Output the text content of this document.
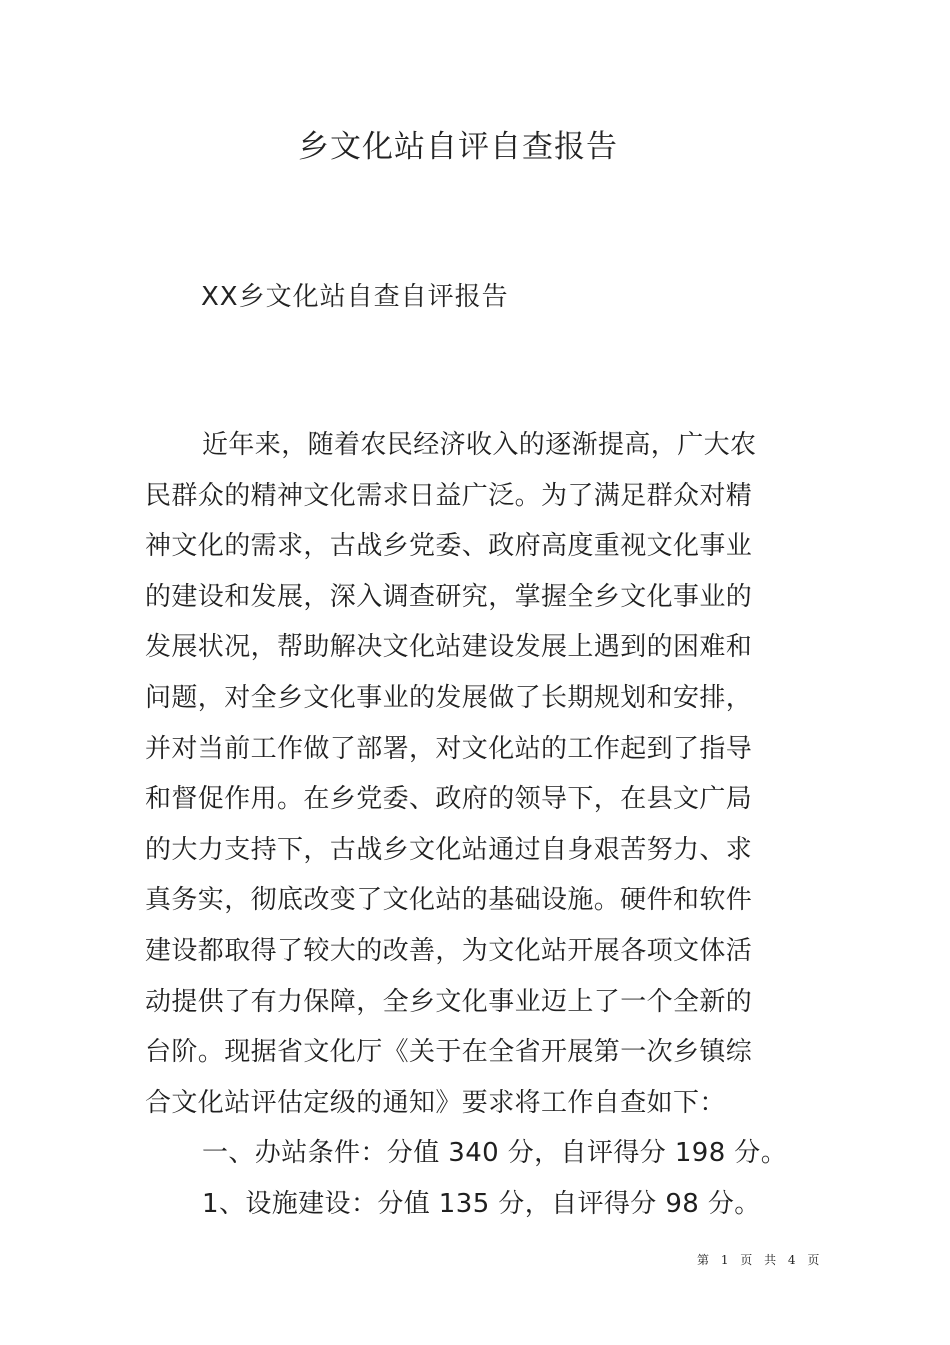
乡文化站自评自查报告
XX乡文化站自查自评报告
近年来，随着农民经济收入的逐渐提高，广大农
民群众的精神文化需求日益广泛。为了满足群众对精
神文化的需求，古战乡党委、政府高度重视文化事业
的建设和发展，深入调查研究，掌握全乡文化事业的
发展状况，帮助解决文化站建设发展上遇到的困难和
问题，对全乡文化事业的发展做了长期规划和安排，
并对当前工作做了部署，对文化站的工作起到了指导
和督促作用。在乡党委、政府的领导下，在县文广局
的大力支持下，古战乡文化站通过自身艰苦努力、求
真务实，彻底改变了文化站的基础设施。硬件和软件
建设都取得了较大的改善，为文化站开展各项文体活
动提供了有力保障，全乡文化事业迈上了一个全新的
台阶。现据省文化厅《关于在全省开展第一次乡镇综
合文化站评估定级的通知》要求将工作自查如下：
一、办站条件：分值 340 分，自评得分 198 分。
1、设施建设：分值 135 分，自评得分 98 分。
第 1 页 共 4 页
